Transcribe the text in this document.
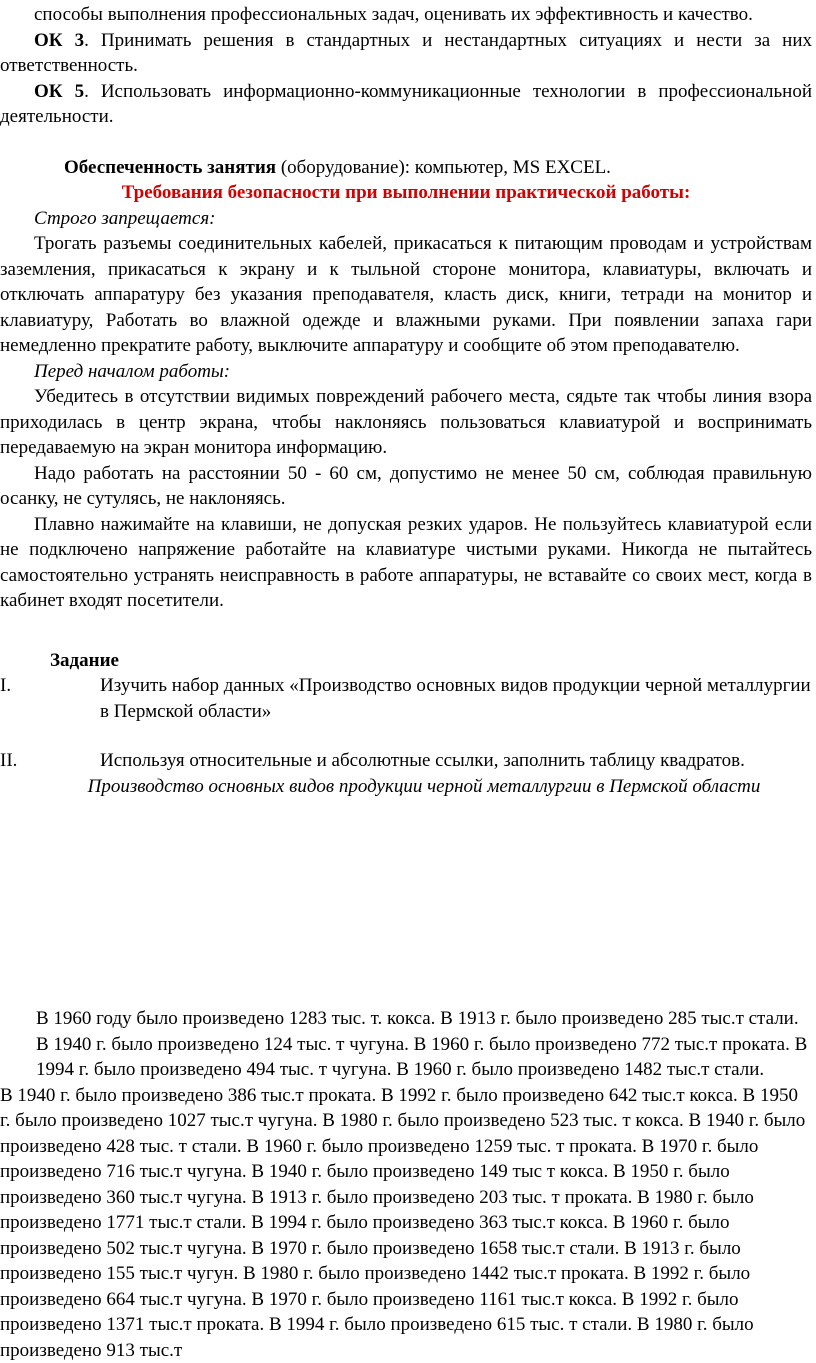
способы выполнения профессиональных задач, оценивать их эффективность и качество.

ОК 3. Принимать решения в стандартных и нестандартных ситуациях и нести за них ответственность.

ОК 5. Использовать информационно-коммуникационные технологии в профессиональной деятельности.

Обеспеченность занятия (оборудование): компьютер, MS EXCEL.

Требования безопасности при выполнении практической работы:

Строго запрещается:

Трогать разъемы соединительных кабелей, прикасаться к питающим проводам и устройствам заземления, прикасаться к экрану и к тыльной стороне монитора, клавиатуры, включать и отключать аппаратуру без указания преподавателя, класть диск, книги, тетради на монитор и клавиатуру, Работать во влажной одежде и влажными руками. При появлении запаха гари немедленно прекратите работу, выключите аппаратуру и сообщите об этом преподавателю.

Перед началом работы:

Убедитесь в отсутствии видимых повреждений рабочего места, сядьте так чтобы линия взора приходилась в центр экрана, чтобы наклоняясь пользоваться клавиатурой и воспринимать передаваемую на экран монитора информацию.

Надо работать на расстоянии 50 - 60 см, допустимо не менее 50 см, соблюдая правильную осанку, не сутулясь, не наклоняясь.

Плавно нажимайте на клавиши, не допуская резких ударов. Не пользуйтесь клавиатурой если не подключено напряжение работайте на клавиатуре чистыми руками. Никогда не пытайтесь самостоятельно устранять неисправность в работе аппаратуры, не вставайте со своих мест, когда в кабинет входят посетители.

Задание

I.	Изучить набор данных «Производство основных видов продукции черной металлургии в Пермской области»
II.	Используя относительные и абсолютные ссылки, заполнить таблицу квадратов.

Производство основных видов продукции черной металлургии в Пермской области

В 1960 году было произведено 1283 тыс. т. кокса. В 1913 г. было произведено 285 тыс.т стали. В 1940 г. было произведено 124 тыс. т чугуна. В 1960 г. было произведено 772 тыс.т проката. В 1994 г. было произведено 494 тыс. т чугуна. В 1960 г. было произведено 1482 тыс.т стали.

В 1940 г. было произведено 386 тыс.т проката. В 1992 г. было произведено 642 тыс.т кокса. В 1950 г. было произведено 1027 тыс.т чугуна. В 1980 г. было произведено 523 тыс. т кокса. В 1940 г. было произведено 428 тыс. т стали. В 1960 г. было произведено 1259 тыс. т проката. В 1970 г. было произведено 716 тыс.т чугуна. В 1940 г. было произведено 149 тыс т кокса. В 1950 г. было произведено 360 тыс.т чугуна. В 1913 г. было произведено 203 тыс. т проката. В 1980 г. было произведено 1771 тыс.т стали. В 1994 г. было произведено 363 тыс.т кокса. В 1960 г. было произведено 502 тыс.т чугуна. В 1970 г. было произведено 1658 тыс.т стали. В 1913 г. было произведено 155 тыс.т чугун. В 1980 г. было произведено 1442 тыс.т проката. В 1992 г. было произведено 664 тыс.т чугуна. В 1970 г. было произведено 1161 тыс.т кокса. В 1992 г. было произведено 1371 тыс.т проката. В 1994 г. было произведено 615 тыс. т стали. В 1980 г. было произведено 913 тыс.т
